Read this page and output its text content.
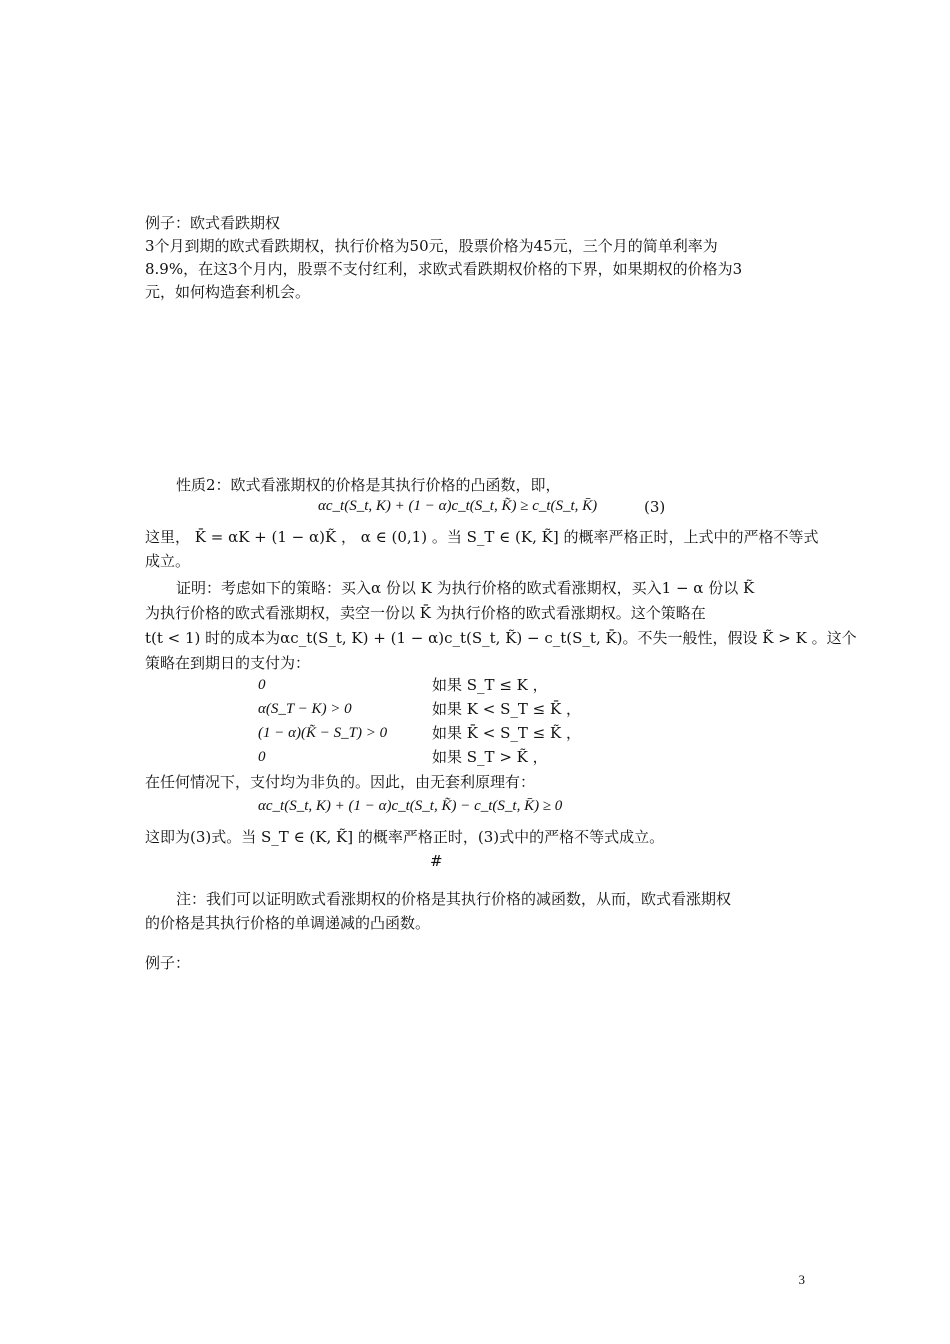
例子：欧式看跌期权
3个月到期的欧式看跌期权，执行价格为50元，股票价格为45元，三个月的简单利率为
8.9%，在这3个月内，股票不支付红利，求欧式看跌期权价格的下界，如果期权的价格为3
元，如何构造套利机会。
性质2：欧式看涨期权的价格是其执行价格的凸函数，即，
αc_t(S_t, K) + (1 − α)c_t(S_t, K̃) ≥ c_t(S_t, K̄)	(3)
这里， K̄ = αK + (1 − α)K̃ ， α ∈ (0,1) 。当 S_T ∈ (K, K̃] 的概率严格正时，上式中的严格不等式
成立。
证明：考虑如下的策略：买入α 份以 K 为执行价格的欧式看涨期权，买入1 − α 份以 K̃
为执行价格的欧式看涨期权，卖空一份以 K̄ 为执行价格的欧式看涨期权。这个策略在
t(t < 1) 时的成本为αc_t(S_t, K) + (1 − α)c_t(S_t, K̃) − c_t(S_t, K̄)。不失一般性，假设 K̃ > K 。这个
策略在到期日的支付为：
0	如果 S_T ≤ K ，
α(S_T − K) > 0	如果 K < S_T ≤ K̄ ，
(1 − α)(K̃ − S_T) > 0	如果 K̄ < S_T ≤ K̃ ，
0	如果 S_T > K̃ ，
在任何情况下，支付均为非负的。因此，由无套利原理有：
αc_t(S_t, K) + (1 − α)c_t(S_t, K̃) − c_t(S_t, K̄) ≥ 0
这即为(3)式。当 S_T ∈ (K, K̃] 的概率严格正时，(3)式中的严格不等式成立。
#
注：我们可以证明欧式看涨期权的价格是其执行价格的减函数，从而，欧式看涨期权
的价格是其执行价格的单调递减的凸函数。
例子：
3
